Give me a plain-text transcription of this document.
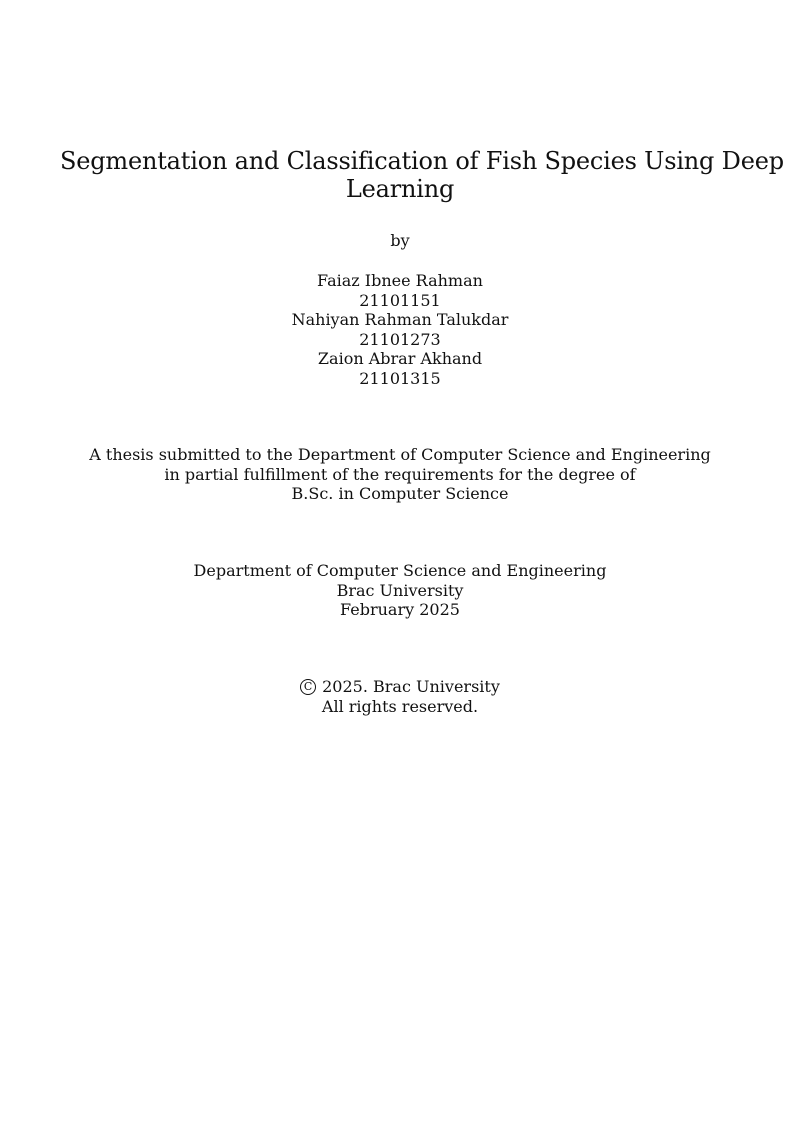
Segmentation and Classification of Fish Species Using Deep
Learning
by
Faiaz Ibnee Rahman
21101151
Nahiyan Rahman Talukdar
21101273
Zaion Abrar Akhand
21101315
A thesis submitted to the Department of Computer Science and Engineering
in partial fulfillment of the requirements for the degree of
B.Sc. in Computer Science
Department of Computer Science and Engineering
Brac University
February 2025
C 2025. Brac University
All rights reserved.
